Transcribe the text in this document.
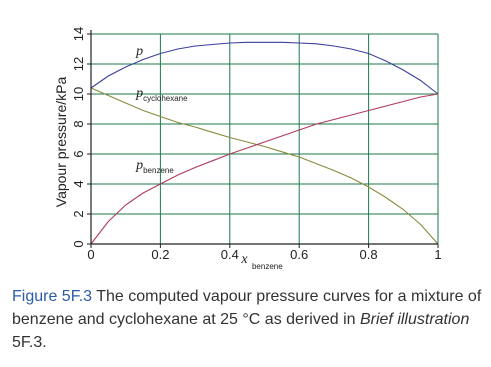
0	0.2	0.4	0.6	0.8	1
0
2
4
6
8
10
12
14
Vapour pressure/kPa
x $_{benzene}$
p
$p_{cyclohexane}$
$p_{benzene}$
Figure 5F.3 The computed vapour pressure curves for a mixture of benzene and cyclohexane at 25 °C as derived in Brief illustration 5F.3.
